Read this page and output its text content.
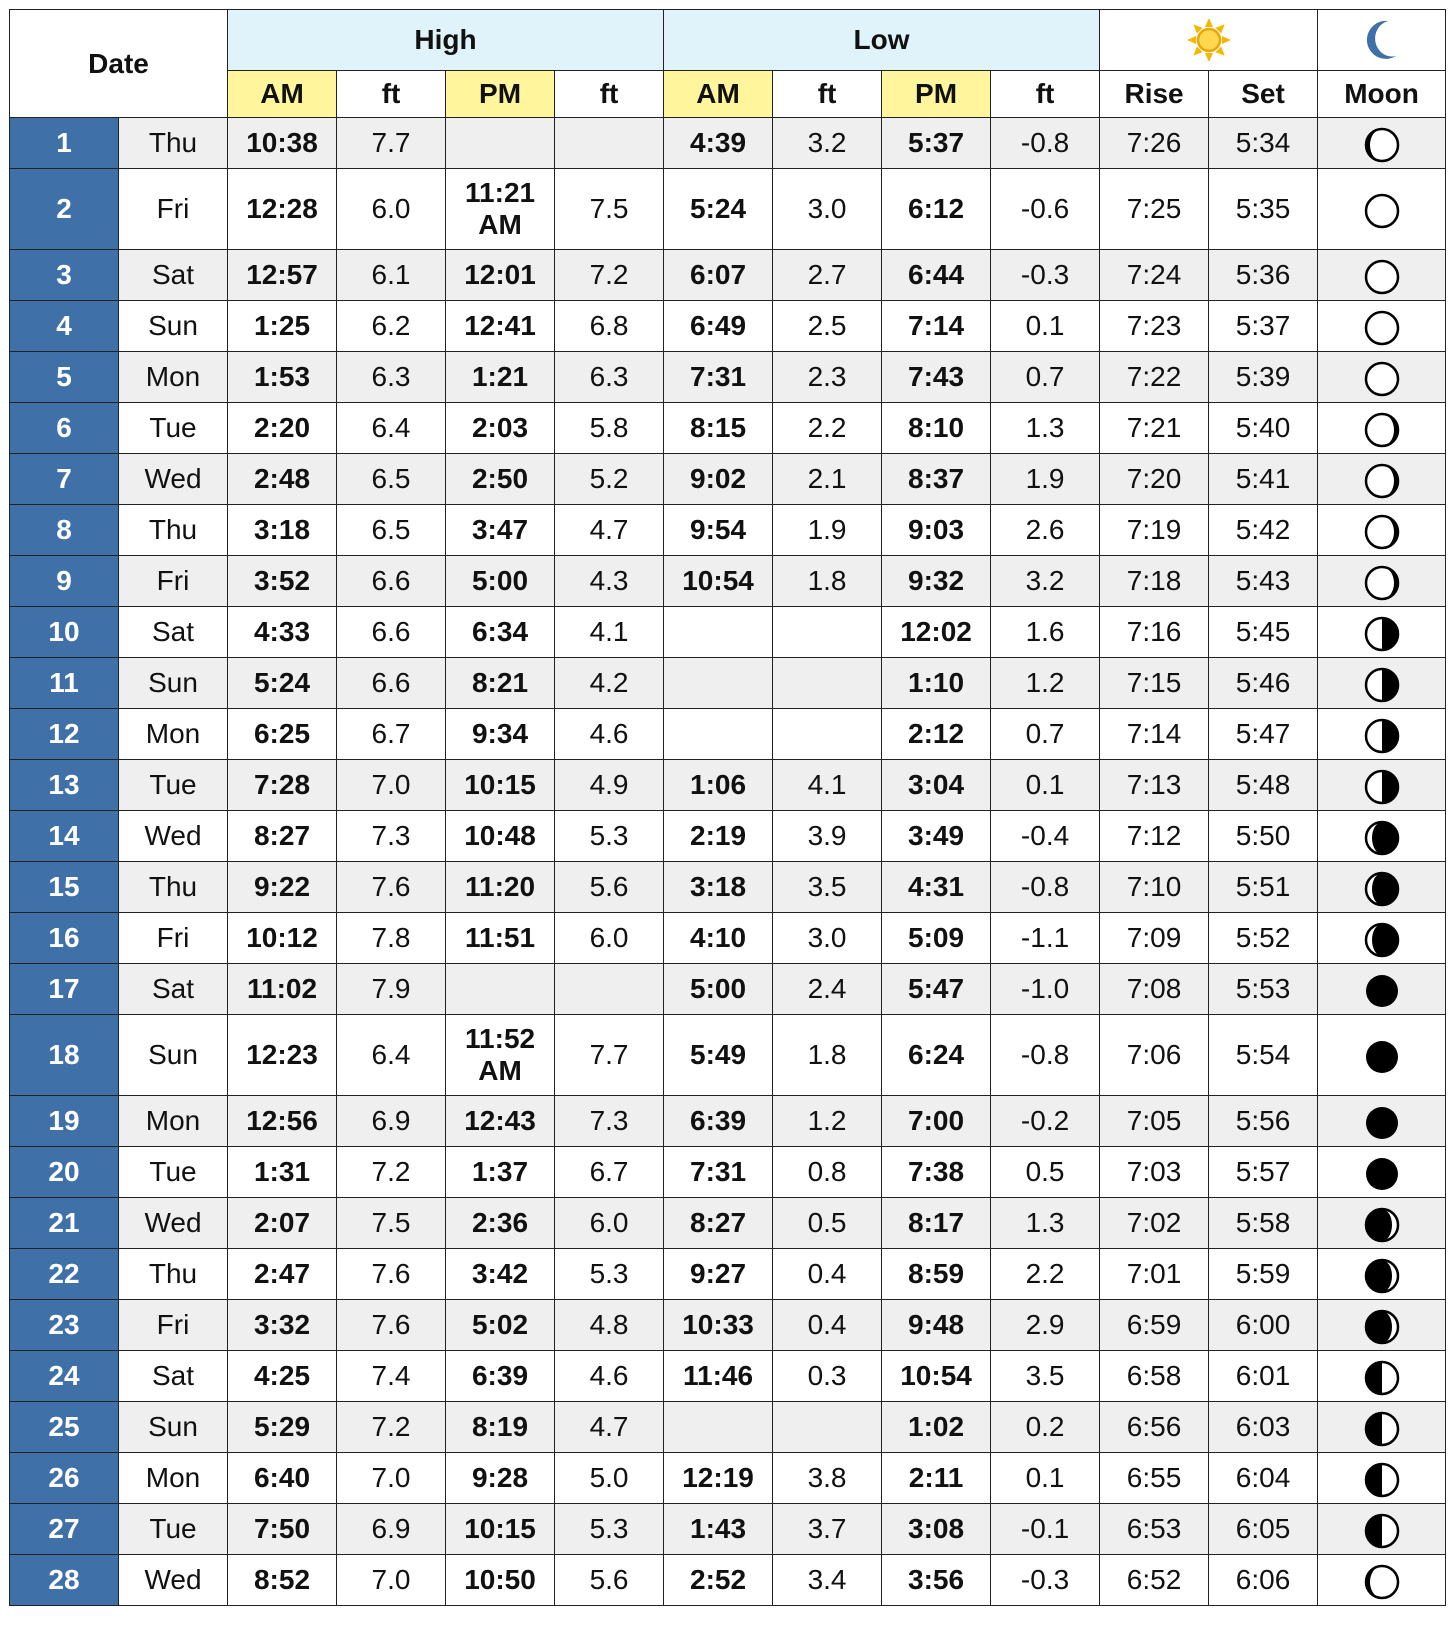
Date		High				Low		
		AM	ft	PM	ft	AM	ft	PM	ft	Rise	Set	Moon
1	Thu	10:38	7.7			4:39	3.2	5:37	-0.8	7:26	5:34	
2	Fri	12:28	6.0	11:21 AM	7.5	5:24	3.0	6:12	-0.6	7:25	5:35	
3	Sat	12:57	6.1	12:01	7.2	6:07	2.7	6:44	-0.3	7:24	5:36	
4	Sun	1:25	6.2	12:41	6.8	6:49	2.5	7:14	0.1	7:23	5:37	
5	Mon	1:53	6.3	1:21	6.3	7:31	2.3	7:43	0.7	7:22	5:39	
6	Tue	2:20	6.4	2:03	5.8	8:15	2.2	8:10	1.3	7:21	5:40	
7	Wed	2:48	6.5	2:50	5.2	9:02	2.1	8:37	1.9	7:20	5:41	
8	Thu	3:18	6.5	3:47	4.7	9:54	1.9	9:03	2.6	7:19	5:42	
9	Fri	3:52	6.6	5:00	4.3	10:54	1.8	9:32	3.2	7:18	5:43	
10	Sat	4:33	6.6	6:34	4.1			12:02	1.6	7:16	5:45	
11	Sun	5:24	6.6	8:21	4.2			1:10	1.2	7:15	5:46	
12	Mon	6:25	6.7	9:34	4.6			2:12	0.7	7:14	5:47	
13	Tue	7:28	7.0	10:15	4.9	1:06	4.1	3:04	0.1	7:13	5:48	
14	Wed	8:27	7.3	10:48	5.3	2:19	3.9	3:49	-0.4	7:12	5:50	
15	Thu	9:22	7.6	11:20	5.6	3:18	3.5	4:31	-0.8	7:10	5:51	
16	Fri	10:12	7.8	11:51	6.0	4:10	3.0	5:09	-1.1	7:09	5:52	
17	Sat	11:02	7.9			5:00	2.4	5:47	-1.0	7:08	5:53	
18	Sun	12:23	6.4	11:52 AM	7.7	5:49	1.8	6:24	-0.8	7:06	5:54	
19	Mon	12:56	6.9	12:43	7.3	6:39	1.2	7:00	-0.2	7:05	5:56	
20	Tue	1:31	7.2	1:37	6.7	7:31	0.8	7:38	0.5	7:03	5:57	
21	Wed	2:07	7.5	2:36	6.0	8:27	0.5	8:17	1.3	7:02	5:58	
22	Thu	2:47	7.6	3:42	5.3	9:27	0.4	8:59	2.2	7:01	5:59	
23	Fri	3:32	7.6	5:02	4.8	10:33	0.4	9:48	2.9	6:59	6:00	
24	Sat	4:25	7.4	6:39	4.6	11:46	0.3	10:54	3.5	6:58	6:01	
25	Sun	5:29	7.2	8:19	4.7			1:02	0.2	6:56	6:03	
26	Mon	6:40	7.0	9:28	5.0	12:19	3.8	2:11	0.1	6:55	6:04	
27	Tue	7:50	6.9	10:15	5.3	1:43	3.7	3:08	-0.1	6:53	6:05	
28	Wed	8:52	7.0	10:50	5.6	2:52	3.4	3:56	-0.3	6:52	6:06	
